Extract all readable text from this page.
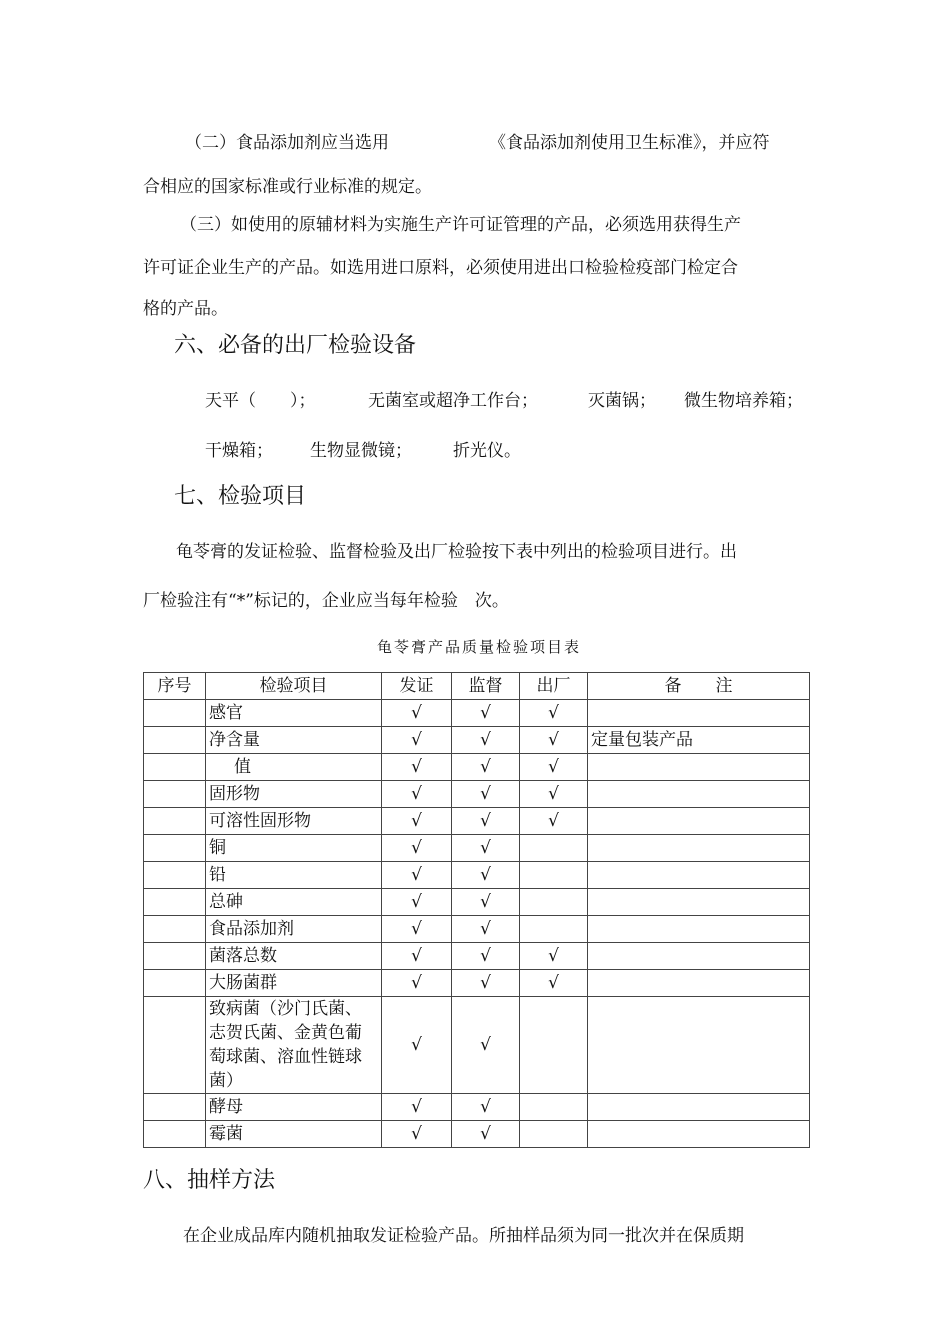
（二）食品添加剂应当选用	《食品添加剂使用卫生标准》，并应符
合相应的国家标准或行业标准的规定。
（三）如使用的原辅材料为实施生产许可证管理的产品，必须选用获得生产
许可证企业生产的产品。如选用进口原料，必须使用进出口检验检疫部门检定合
格的产品。
六、必备的出厂检验设备
天平（　　）；	无菌室或超净工作台；	灭菌锅； 微生物培养箱；
干燥箱； 生物显微镜； 折光仪。
七、检验项目
龟苓膏的发证检验、监督检验及出厂检验按下表中列出的检验项目进行。出
厂检验注有“*”标记的，企业应当每年检验　次。
龟苓膏产品质量检验项目表
序号	检验项目	发证	监督	出厂	备　　注
	感官	√	√	√	
	净含量	√	√	√	定量包装产品
	值	√	√	√	
	固形物	√	√	√	
	可溶性固形物	√	√	√	
	铜	√	√		
	铅	√	√		
	总砷	√	√		
	食品添加剂	√	√		
	菌落总数	√	√	√	
	大肠菌群	√	√	√	
	致病菌（沙门氏菌、志贺氏菌、金黄色葡萄球菌、溶血性链球菌）	√	√		
	酵母	√	√		
	霉菌	√	√		
八、抽样方法
在企业成品库内随机抽取发证检验产品。所抽样品须为同一批次并在保质期
